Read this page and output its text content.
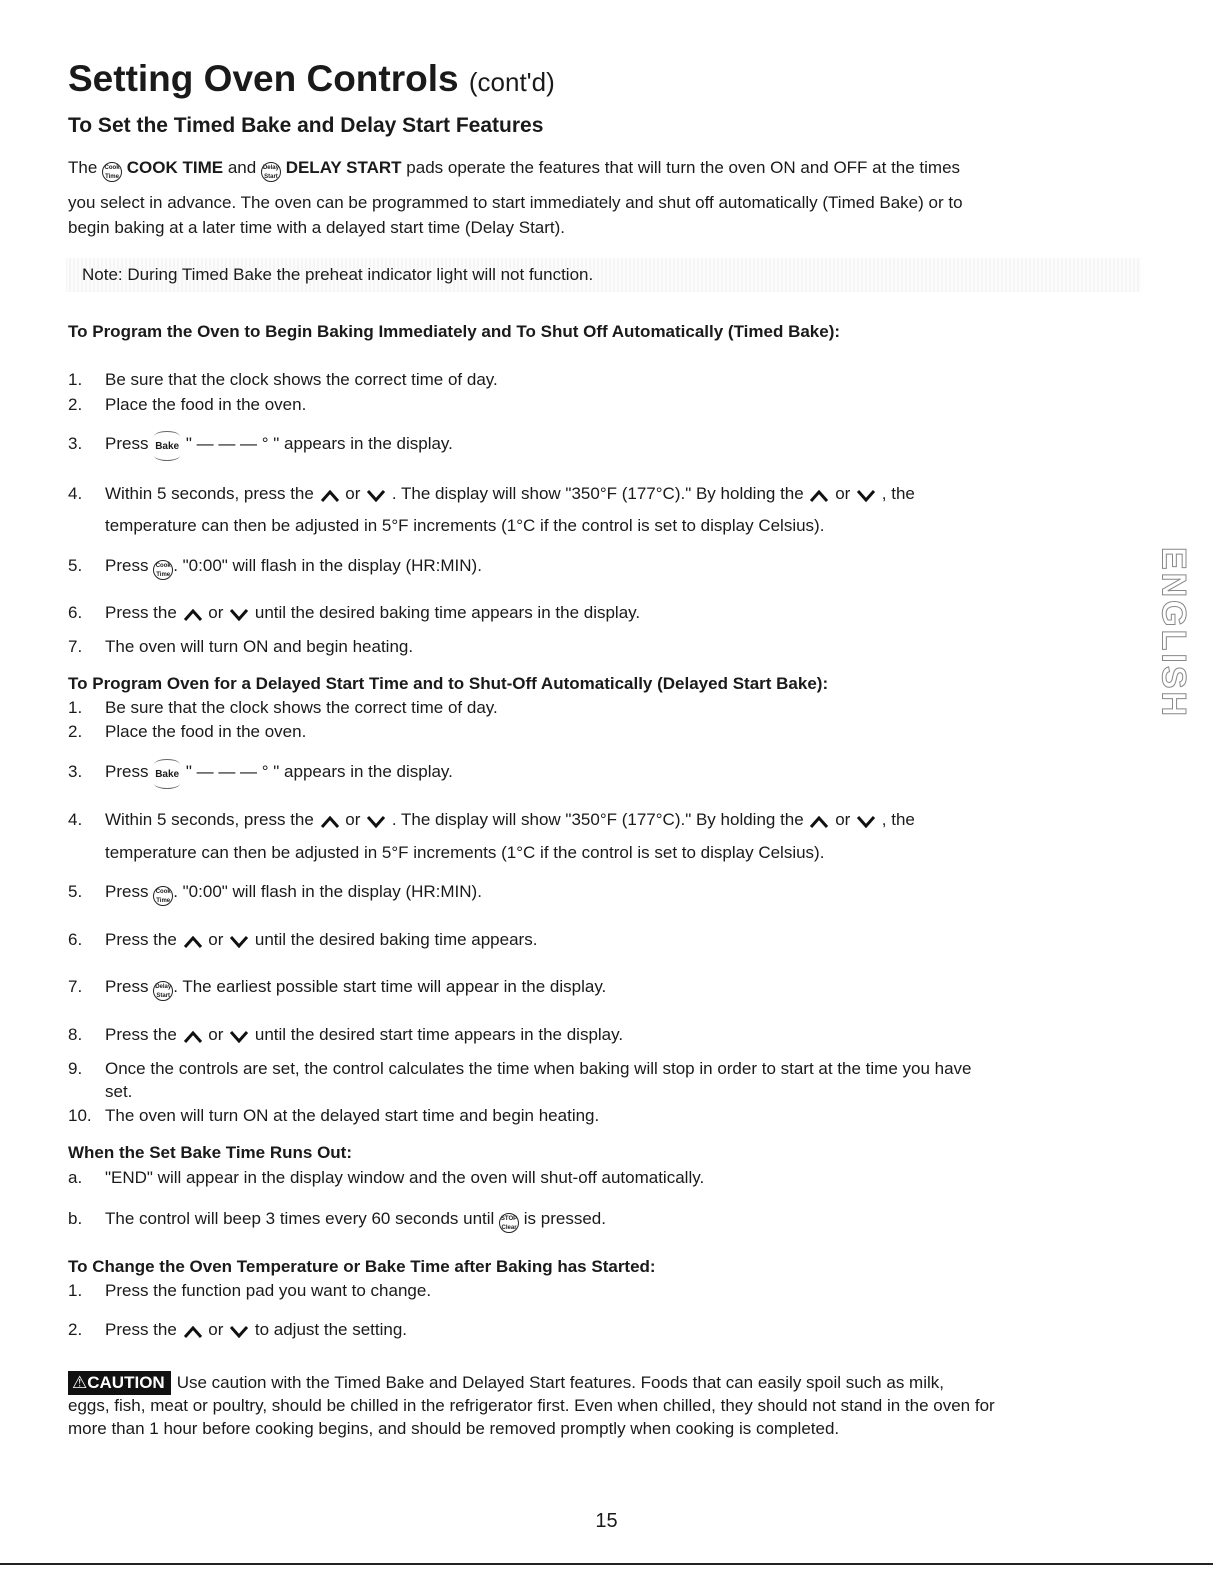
Setting Oven Controls (cont'd)
To Set the Timed Bake and Delay Start Features
The Cook
Time COOK TIME and Delay
Start DELAY START pads operate the features that will turn the oven ON and OFF at the times
you select in advance. The oven can be programmed to start immediately and shut off automatically (Timed Bake) or to
begin baking at a later time with a delayed start time (Delay Start).
Note: During Timed Bake the preheat indicator light will not function.
To Program the Oven to Begin Baking Immediately and To Shut Off Automatically (Timed Bake):
1.	Be sure that the clock shows the correct time of day.
2.	Place the food in the oven.
3.	Press Bake " — — — ° " appears in the display.
4.	Within 5 seconds, press the or . The display will show "350°F (177°C)." By holding the or , the
temperature can then be adjusted in 5°F increments (1°C if the control is set to display Celsius).
5.	Press Cook
Time . "0:00" will flash in the display (HR:MIN).
6.	Press the or until the desired baking time appears in the display.
7.	The oven will turn ON and begin heating.
To Program Oven for a Delayed Start Time and to Shut-Off Automatically (Delayed Start Bake):
1.	Be sure that the clock shows the correct time of day.
2.	Place the food in the oven.
3.	Press Bake " — — — ° " appears in the display.
4.	Within 5 seconds, press the or . The display will show "350°F (177°C)." By holding the or , the
temperature can then be adjusted in 5°F increments (1°C if the control is set to display Celsius).
5.	Press Cook
Time . "0:00" will flash in the display (HR:MIN).
6.	Press the or until the desired baking time appears.
7.	Press Delay
Start . The earliest possible start time will appear in the display.
8.	Press the or until the desired start time appears in the display.
9.	Once the controls are set, the control calculates the time when baking will stop in order to start at the time you have
set.
10. The oven will turn ON at the delayed start time and begin heating.
When the Set Bake Time Runs Out:
a.	"END" will appear in the display window and the oven will shut-off automatically.
b.	The control will beep 3 times every 60 seconds until STOP
Clear is pressed.
To Change the Oven Temperature or Bake Time after Baking has Started:
1.	Press the function pad you want to change.
2.	Press the or to adjust the setting.
⚠CAUTION Use caution with the Timed Bake and Delayed Start features. Foods that can easily spoil such as milk,
eggs, fish, meat or poultry, should be chilled in the refrigerator first. Even when chilled, they should not stand in the oven for
more than 1 hour before cooking begins, and should be removed promptly when cooking is completed.
ENGLISH
15
